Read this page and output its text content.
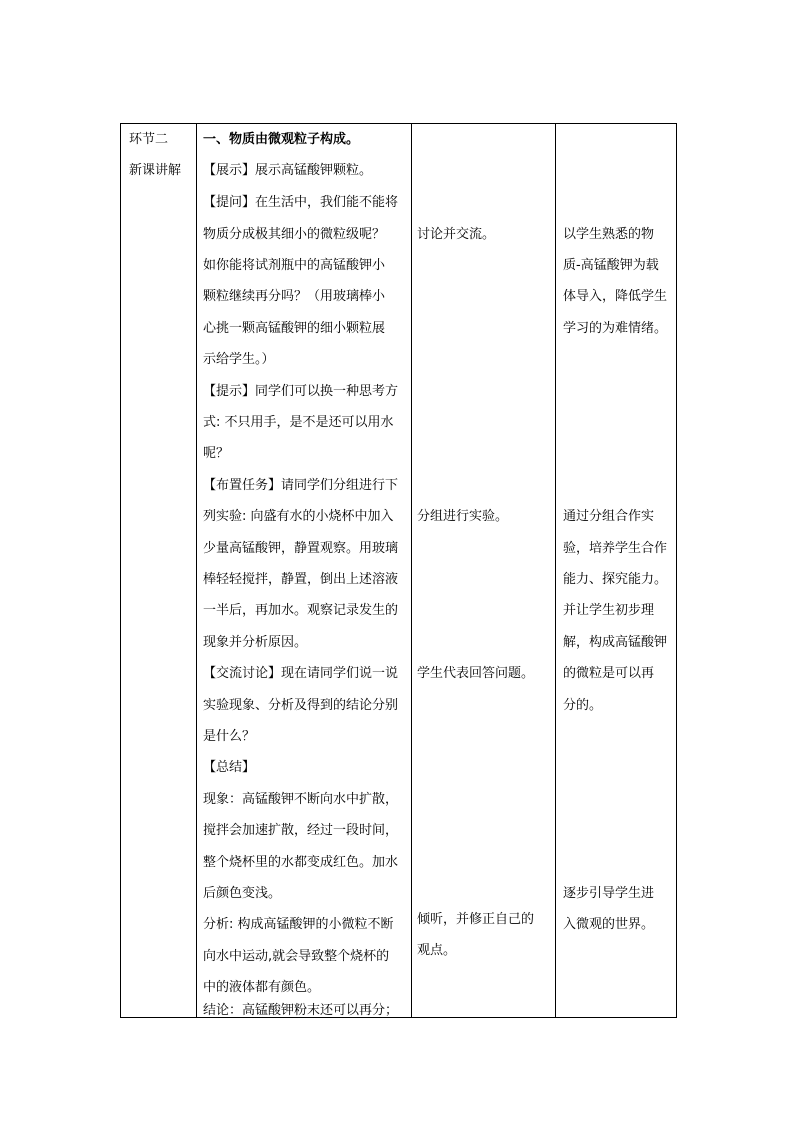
环节二
新课讲解
一、物质由微观粒子构成。
【展示】展示高锰酸钾颗粒。
【提问】在生活中，我们能不能将
物质分成极其细小的微粒级呢？
如你能将试剂瓶中的高锰酸钾小
颗粒继续再分吗？（用玻璃棒小
心挑一颗高锰酸钾的细小颗粒展
示给学生。）
【提示】同学们可以换一种思考方
式: 不只用手，是不是还可以用水
呢？
【布置任务】请同学们分组进行下
列实验: 向盛有水的小烧杯中加入
少量高锰酸钾，静置观察。用玻璃
棒轻轻搅拌，静置，倒出上述溶液
一半后，再加水。观察记录发生的
现象并分析原因。
【交流讨论】现在请同学们说一说
实验现象、分析及得到的结论分别
是什么？
【总结】
现象：高锰酸钾不断向水中扩散，
搅拌会加速扩散，经过一段时间，
整个烧杯里的水都变成红色。加水
后颜色变浅。
分析: 构成高锰酸钾的小微粒不断
向水中运动,就会导致整个烧杯的
中的液体都有颜色。
结论：高锰酸钾粉末还可以再分；
讨论并交流。
分组进行实验。
学生代表回答问题。
倾听，并修正自己的
观点。
以学生熟悉的物
质-高锰酸钾为载
体导入，降低学生
学习的为难情绪。
通过分组合作实
验，培养学生合作
能力、探究能力。
并让学生初步理
解，构成高锰酸钾
的微粒是可以再
分的。
逐步引导学生进
入微观的世界。
